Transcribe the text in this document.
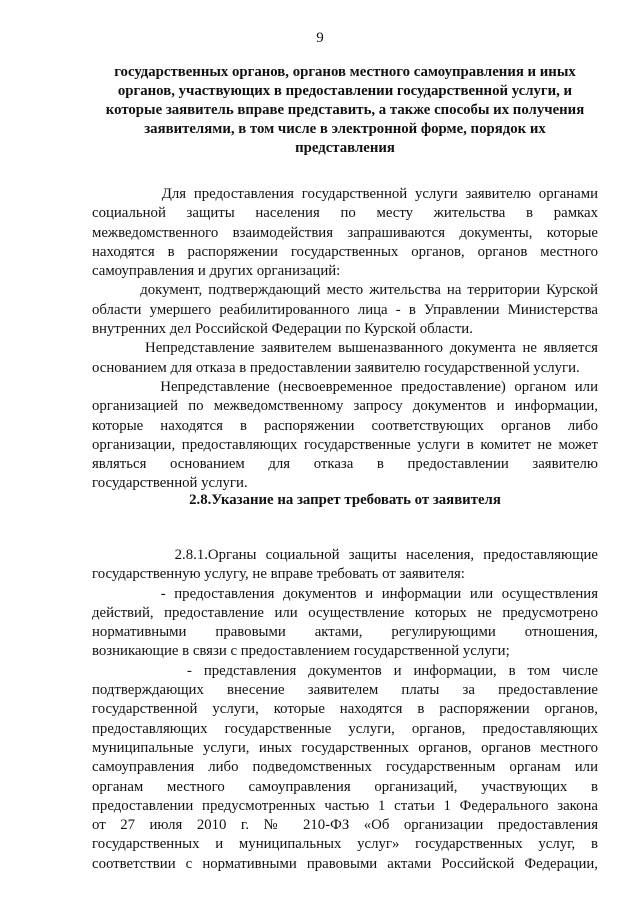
9
государственных органов, органов местного самоуправления и иных
органов, участвующих в предоставлении государственной услуги, и
которые заявитель вправе представить, а также способы их получения
заявителями, в том числе в электронной форме, порядок их
представления

Для предоставления государственной услуги заявителю органами

социальной защиты населения по месту жительства в рамках

межведомственного взаимодействия запрашиваются документы, которые

находятся в распоряжении государственных органов, органов местного

самоуправления и других организаций:

документ, подтверждающий место жительства на территории Курской

области умершего реабилитированного лица - в Управлении Министерства

внутренних дел Российской Федерации по Курской области.

Непредставление заявителем вышеназванного документа не является

основанием для отказа в предоставлении заявителю государственной услуги.

Непредставление (несвоевременное предоставление) органом или

организацией по межведомственному запросу документов и информации,

которые находятся в распоряжении соответствующих органов либо

организации, предоставляющих государственные услуги в комитет не может

являться основанием для отказа в предоставлении заявителю

государственной услуги.

2.8.Указание на запрет требовать от заявителя

2.8.1.Органы социальной защиты населения, предоставляющие

государственную услугу, не вправе требовать от заявителя:

- предоставления документов и информации или осуществления

действий, предоставление или осуществление которых не предусмотрено

нормативными правовыми актами, регулирующими отношения,

возникающие в связи с предоставлением государственной услуги;

- представления документов и информации, в том числе

подтверждающих внесение заявителем платы за предоставление

государственной услуги, которые находятся в распоряжении органов,

предоставляющих государственные услуги, органов, предоставляющих

муниципальные услуги, иных государственных органов, органов местного

самоуправления либо подведомственных государственным органам или

органам местного самоуправления организаций, участвующих в

предоставлении предусмотренных частью 1 статьи 1 Федерального закона

от 27 июля 2010 г. № 210-ФЗ «Об организации предоставления

государственных и муниципальных услуг» государственных услуг, в

соответствии с нормативными правовыми актами Российской Федерации,
